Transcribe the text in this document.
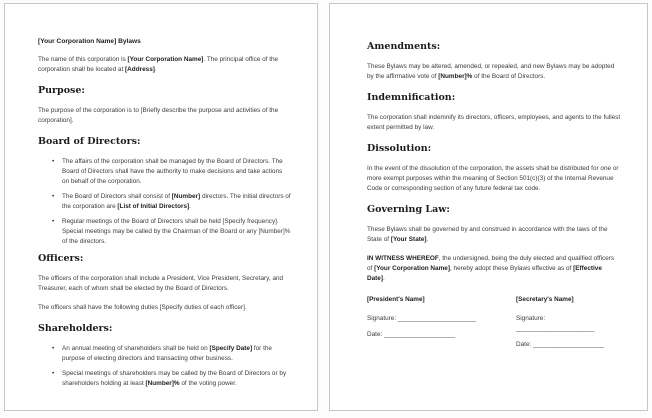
[Your Corporation Name] Bylaws

The name of this corporation is [Your Corporation Name]. The principal office of the corporation shall be located at [Address].

Purpose:

The purpose of the corporation is to [Briefly describe the purpose and activities of the corporation].

Board of Directors:
• The affairs of the corporation shall be managed by the Board of Directors. The Board of Directors shall have the authority to make decisions and take actions on behalf of the corporation.
• The Board of Directors shall consist of [Number] directors. The initial directors of the corporation are [List of Initial Directors].
• Regular meetings of the Board of Directors shall be held [Specify frequency]. Special meetings may be called by the Chairman of the Board or any [Number]% of the directors.
Officers:

The officers of the corporation shall include a President, Vice President, Secretary, and Treasurer, each of whom shall be elected by the Board of Directors.

The officers shall have the following duties [Specify duties of each officer].

Shareholders:
• An annual meeting of shareholders shall be held on [Specify Date] for the purpose of electing directors and transacting other business.
• Special meetings of shareholders may be called by the Board of Directors or by shareholders holding at least [Number]% of the voting power.
Amendments:

These Bylaws may be altered, amended, or repealed, and new Bylaws may be adopted by the affirmative vote of [Number]% of the Board of Directors.

Indemnification:

The corporation shall indemnify its directors, officers, employees, and agents to the fullest extent permitted by law.

Dissolution:

In the event of the dissolution of the corporation, the assets shall be distributed for one or more exempt purposes within the meaning of Section 501(c)(3) of the Internal Revenue Code or corresponding section of any future federal tax code.

Governing Law:

These Bylaws shall be governed by and construed in accordance with the laws of the State of [Your State].

IN WITNESS WHEREOF, the undersigned, being the duly elected and qualified officers of [Your Corporation Name], hereby adopt these Bylaws effective as of [Effective Date].

[President's Name]

Signature: ______________________

Date: ____________________

[Secretary's Name]

Signature: ______________________

Date: ____________________
